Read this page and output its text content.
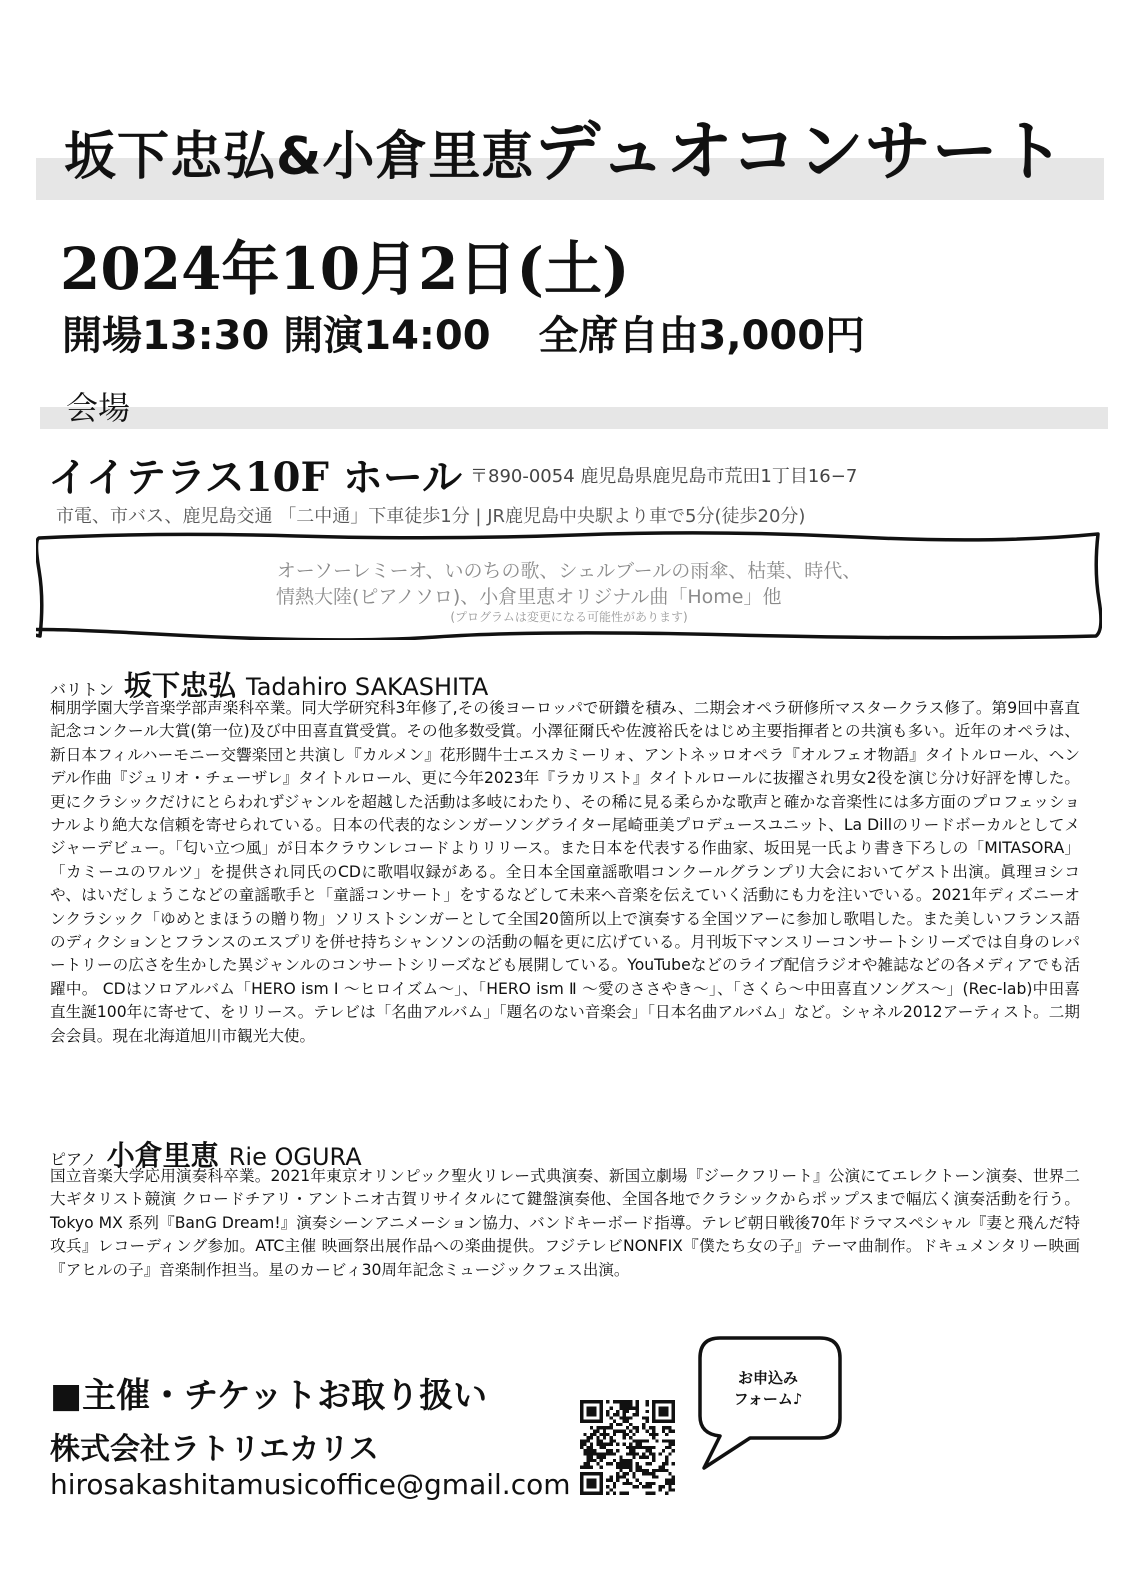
坂下忠弘&小倉里恵デュオコンサート
2024年10月2日(土)
開場13:30 開演14:00 全席自由3,000円
会場
イイテラス10F ホール 〒890-0054 鹿児島県鹿児島市荒田1丁目16−7
市電、市バス、鹿児島交通 「二中通」下車徒歩1分 | JR鹿児島中央駅より車で5分(徒歩20分)
オーソーレミーオ、いのちの歌、シェルブールの雨傘、枯葉、時代、
情熱大陸(ピアノソロ)、小倉里恵オリジナル曲「Home」他
(プログラムは変更になる可能性があります)
バリトン 坂下忠弘 Tadahiro SAKASHITA
桐朋学園大学音楽学部声楽科卒業。同大学研究科3年修了,その後ヨーロッパで研鑽を積み、二期会オペラ研修所マスタークラス修了。第9回中喜直記念コンクール大賞(第一位)及び中田喜直賞受賞。その他多数受賞。小澤征爾氏や佐渡裕氏をはじめ主要指揮者との共演も多い。近年のオペラは、新日本フィルハーモニー交響楽団と共演し『カルメン』花形闘牛士エスカミーリォ、アントネッロオペラ『オルフェオ物語』タイトルロール、ヘンデル作曲『ジュリオ・チェーザレ』タイトルロール、更に今年2023年『ラカリスト』タイトルロールに抜擢され男女2役を演じ分け好評を博した。更にクラシックだけにとらわれずジャンルを超越した活動は多岐にわたり、その稀に見る柔らかな歌声と確かな音楽性には多方面のプロフェッショナルより絶大な信頼を寄せられている。日本の代表的なシンガーソングライター尾崎亜美プロデュースユニット、La Dillのリードボーカルとしてメジャーデビュー。「匂い立つ風」が日本クラウンレコードよりリリース。また日本を代表する作曲家、坂田晃一氏より書き下ろしの「MITASORA」「カミーユのワルツ」を提供され同氏のCDに歌唱収録がある。全日本全国童謡歌唱コンクールグランプリ大会においてゲスト出演。眞理ヨシコや、はいだしょうこなどの童謡歌手と「童謡コンサート」をするなどして未来へ音楽を伝えていく活動にも力を注いでいる。2021年ディズニーオンクラシック「ゆめとまほうの贈り物」ソリストシンガーとして全国20箇所以上で演奏する全国ツアーに参加し歌唱した。また美しいフランス語のディクションとフランスのエスプリを併せ持ちシャンソンの活動の幅を更に広げている。月刊坂下マンスリーコンサートシリーズでは自身のレパートリーの広さを生かした異ジャンルのコンサートシリーズなども展開している。YouTubeなどのライブ配信ラジオや雑誌などの各メディアでも活躍中。 CDはソロアルバム「HERO ism Ⅰ 〜ヒロイズム〜」、「HERO ism Ⅱ 〜愛のささやき〜」、「さくら〜中田喜直ソングス〜」(Rec-lab)中田喜直生誕100年に寄せて、をリリース。テレビは「名曲アルバム」「題名のない音楽会」「日本名曲アルバム」など。シャネル2012アーティスト。二期会会員。現在北海道旭川市観光大使。
ピアノ 小倉里恵 Rie OGURA
国立音楽大学応用演奏科卒業。2021年東京オリンピック聖火リレー式典演奏、新国立劇場『ジークフリート』公演にてエレクトーン演奏、世界二大ギタリスト競演 クロードチアリ・アントニオ古賀リサイタルにて鍵盤演奏他、全国各地でクラシックからポップスまで幅広く演奏活動を行う。Tokyo MX 系列『BanG Dream!』演奏シーンアニメーション協力、バンドキーボード指導。テレビ朝日戦後70年ドラマスペシャル『妻と飛んだ特攻兵』レコーディング参加。ATC主催 映画祭出展作品への楽曲提供。フジテレビNONFIX『僕たち女の子』テーマ曲制作。ドキュメンタリー映画『アヒルの子』音楽制作担当。星のカービィ30周年記念ミュージックフェス出演。
■主催・チケットお取り扱い
株式会社ラトリエカリス
hirosakashitamusicoffice@gmail.com
お申込み
フォーム♪
